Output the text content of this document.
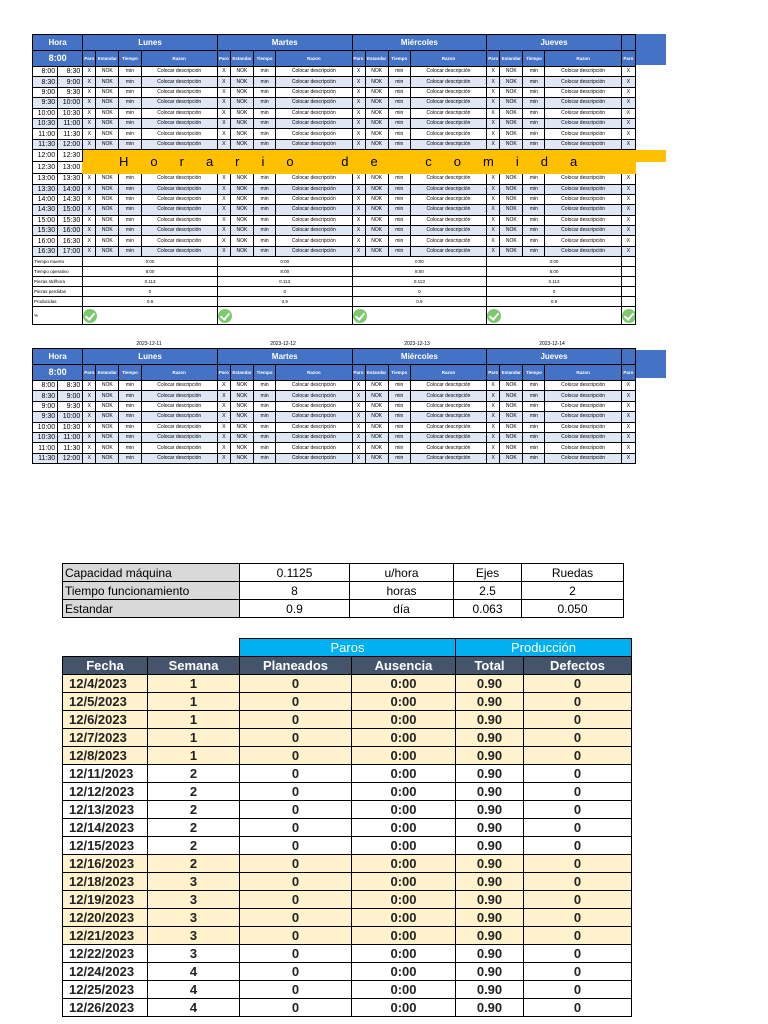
Hora		Lunes				Martes				Miércoles				Jueves				
8:00		Paro	Estandar	Tiempo	Razon	Paro	Estandar	Tiempo	Razon	Paro	Estandar	Tiempo	Razon	Paro	Estandar	Tiempo	Razon	Paro
8:00	8:30	X	NOK	min	Colocar descripción	X	NOK	min	Colocar descripción	X	NOK	min	Colocar descripción	X	NOK	min	Colocar descripción	X
8:30	9:00	X	NOK	min	Colocar descripción	X	NOK	min	Colocar descripción	X	NOK	min	Colocar descripción	X	NOK	min	Colocar descripción	X
9:00	9:30	X	NOK	min	Colocar descripción	X	NOK	min	Colocar descripción	X	NOK	min	Colocar descripción	X	NOK	min	Colocar descripción	X
9:30	10:00	X	NOK	min	Colocar descripción	X	NOK	min	Colocar descripción	X	NOK	min	Colocar descripción	X	NOK	min	Colocar descripción	X
10:00	10:30	X	NOK	min	Colocar descripción	X	NOK	min	Colocar descripción	X	NOK	min	Colocar descripción	X	NOK	min	Colocar descripción	X
10:30	11:00	X	NOK	min	Colocar descripción	X	NOK	min	Colocar descripción	X	NOK	min	Colocar descripción	X	NOK	min	Colocar descripción	X
11:00	11:30	X	NOK	min	Colocar descripción	X	NOK	min	Colocar descripción	X	NOK	min	Colocar descripción	X	NOK	min	Colocar descripción	X
11:30	12:00	X	NOK	min	Colocar descripción	X	NOK	min	Colocar descripción	X	NOK	min	Colocar descripción	X	NOK	min	Colocar descripción	X
12:00	12:30	Horario de comida																
12:30	13:00																	
13:00	13:30	X	NOK	min	Colocar descripción	X	NOK	min	Colocar descripción	X	NOK	min	Colocar descripción	X	NOK	min	Colocar descripción	X
13:30	14:00	X	NOK	min	Colocar descripción	X	NOK	min	Colocar descripción	X	NOK	min	Colocar descripción	X	NOK	min	Colocar descripción	X
14:00	14:30	X	NOK	min	Colocar descripción	X	NOK	min	Colocar descripción	X	NOK	min	Colocar descripción	X	NOK	min	Colocar descripción	X
14:30	15:00	X	NOK	min	Colocar descripción	X	NOK	min	Colocar descripción	X	NOK	min	Colocar descripción	X	NOK	min	Colocar descripción	X
15:00	15:30	X	NOK	min	Colocar descripción	X	NOK	min	Colocar descripción	X	NOK	min	Colocar descripción	X	NOK	min	Colocar descripción	X
15:30	16:00	X	NOK	min	Colocar descripción	X	NOK	min	Colocar descripción	X	NOK	min	Colocar descripción	X	NOK	min	Colocar descripción	X
16:00	16:30	X	NOK	min	Colocar descripción	X	NOK	min	Colocar descripción	X	NOK	min	Colocar descripción	X	NOK	min	Colocar descripción	X
16:30	17:00	X	NOK	min	Colocar descripción	X	NOK	min	Colocar descripción	X	NOK	min	Colocar descripción	X	NOK	min	Colocar descripción	X
Tiempo muerto		0:00				0:00				0:00				0:00				
Tiempo operativo		8:00				8:00				8:00				8:00				
Piezas std/hora		0.113				0.113				0.113				0.113				
Piezas perdidas		0				0				0				0				
Producidas		0.9				0.9				0.9				0.9				
%																		
2023-12-11	2023-12-12	2023-12-13	2023-12-14
Hora		Lunes				Martes				Miércoles				Jueves				
8:00		Paro	Estandar	Tiempo	Razon	Paro	Estandar	Tiempo	Razon	Paro	Estandar	Tiempo	Razon	Paro	Estandar	Tiempo	Razon	Paro
8:00	8:30	X	NOK	min	Colocar descripción	X	NOK	min	Colocar descripción	X	NOK	min	Colocar descripción	X	NOK	min	Colocar descripción	X
8:30	9:00	X	NOK	min	Colocar descripción	X	NOK	min	Colocar descripción	X	NOK	min	Colocar descripción	X	NOK	min	Colocar descripción	X
9:00	9:30	X	NOK	min	Colocar descripción	X	NOK	min	Colocar descripción	X	NOK	min	Colocar descripción	X	NOK	min	Colocar descripción	X
9:30	10:00	X	NOK	min	Colocar descripción	X	NOK	min	Colocar descripción	X	NOK	min	Colocar descripción	X	NOK	min	Colocar descripción	X
10:00	10:30	X	NOK	min	Colocar descripción	X	NOK	min	Colocar descripción	X	NOK	min	Colocar descripción	X	NOK	min	Colocar descripción	X
10:30	11:00	X	NOK	min	Colocar descripción	X	NOK	min	Colocar descripción	X	NOK	min	Colocar descripción	X	NOK	min	Colocar descripción	X
11:00	11:30	X	NOK	min	Colocar descripción	X	NOK	min	Colocar descripción	X	NOK	min	Colocar descripción	X	NOK	min	Colocar descripción	X
11:30	12:00	X	NOK	min	Colocar descripción	X	NOK	min	Colocar descripción	X	NOK	min	Colocar descripción	X	NOK	min	Colocar descripción	X
Capacidad máquina	0.1125	u/hora	Ejes	Ruedas
Tiempo funcionamiento	8	horas	2.5	2
Estandar	0.9	día	0.063	0.050
		Paros		Producción	
Fecha	Semana	Planeados	Ausencia	Total	Defectos
12/4/2023	1	0	0:00	0.90	0
12/5/2023	1	0	0:00	0.90	0
12/6/2023	1	0	0:00	0.90	0
12/7/2023	1	0	0:00	0.90	0
12/8/2023	1	0	0:00	0.90	0
12/11/2023	2	0	0:00	0.90	0
12/12/2023	2	0	0:00	0.90	0
12/13/2023	2	0	0:00	0.90	0
12/14/2023	2	0	0:00	0.90	0
12/15/2023	2	0	0:00	0.90	0
12/16/2023	2	0	0:00	0.90	0
12/18/2023	3	0	0:00	0.90	0
12/19/2023	3	0	0:00	0.90	0
12/20/2023	3	0	0:00	0.90	0
12/21/2023	3	0	0:00	0.90	0
12/22/2023	3	0	0:00	0.90	0
12/24/2023	4	0	0:00	0.90	0
12/25/2023	4	0	0:00	0.90	0
12/26/2023	4	0	0:00	0.90	0
